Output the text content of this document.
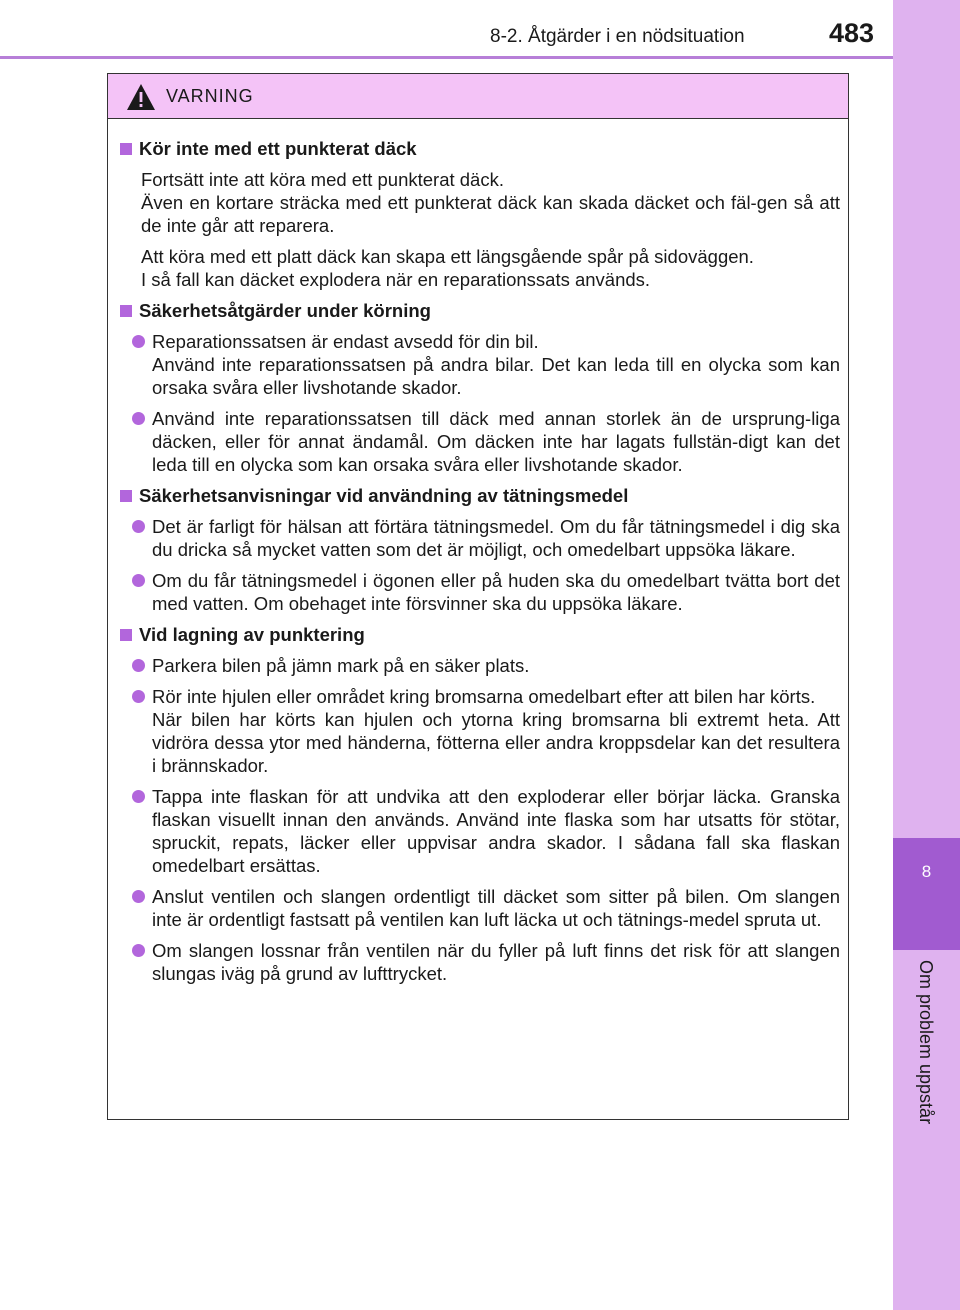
8-2. Åtgärder i en nödsituation	483
8
Om problem uppstår
VARNING
Kör inte med ett punkterat däck

Fortsätt inte att köra med ett punkterat däck.

Även en kortare sträcka med ett punkterat däck kan skada däcket och fäl-gen så att de inte går att reparera.

Att köra med ett platt däck kan skapa ett längsgående spår på sidoväggen.

I så fall kan däcket explodera när en reparationssats används.

Säkerhetsåtgärder under körning

Reparationssatsen är endast avsedd för din bil.

Använd inte reparationssatsen på andra bilar. Det kan leda till en olycka som kan orsaka svåra eller livshotande skador.

Använd inte reparationssatsen till däck med annan storlek än de ursprung-liga däcken, eller för annat ändamål. Om däcken inte har lagats fullstän-digt kan det leda till en olycka som kan orsaka svåra eller livshotande skador.

Säkerhetsanvisningar vid användning av tätningsmedel

Det är farligt för hälsan att förtära tätningsmedel. Om du får tätningsmedel i dig ska du dricka så mycket vatten som det är möjligt, och omedelbart uppsöka läkare.

Om du får tätningsmedel i ögonen eller på huden ska du omedelbart tvätta bort det med vatten. Om obehaget inte försvinner ska du uppsöka läkare.

Vid lagning av punktering

Parkera bilen på jämn mark på en säker plats.

Rör inte hjulen eller området kring bromsarna omedelbart efter att bilen har körts.

När bilen har körts kan hjulen och ytorna kring bromsarna bli extremt heta. Att vidröra dessa ytor med händerna, fötterna eller andra kroppsdelar kan det resultera i brännskador.

Tappa inte flaskan för att undvika att den exploderar eller börjar läcka. Granska flaskan visuellt innan den används. Använd inte flaska som har utsatts för stötar, spruckit, repats, läcker eller uppvisar andra skador. I sådana fall ska flaskan omedelbart ersättas.

Anslut ventilen och slangen ordentligt till däcket som sitter på bilen. Om slangen inte är ordentligt fastsatt på ventilen kan luft läcka ut och tätnings-medel spruta ut.

Om slangen lossnar från ventilen när du fyller på luft finns det risk för att slangen slungas iväg på grund av lufttrycket.
